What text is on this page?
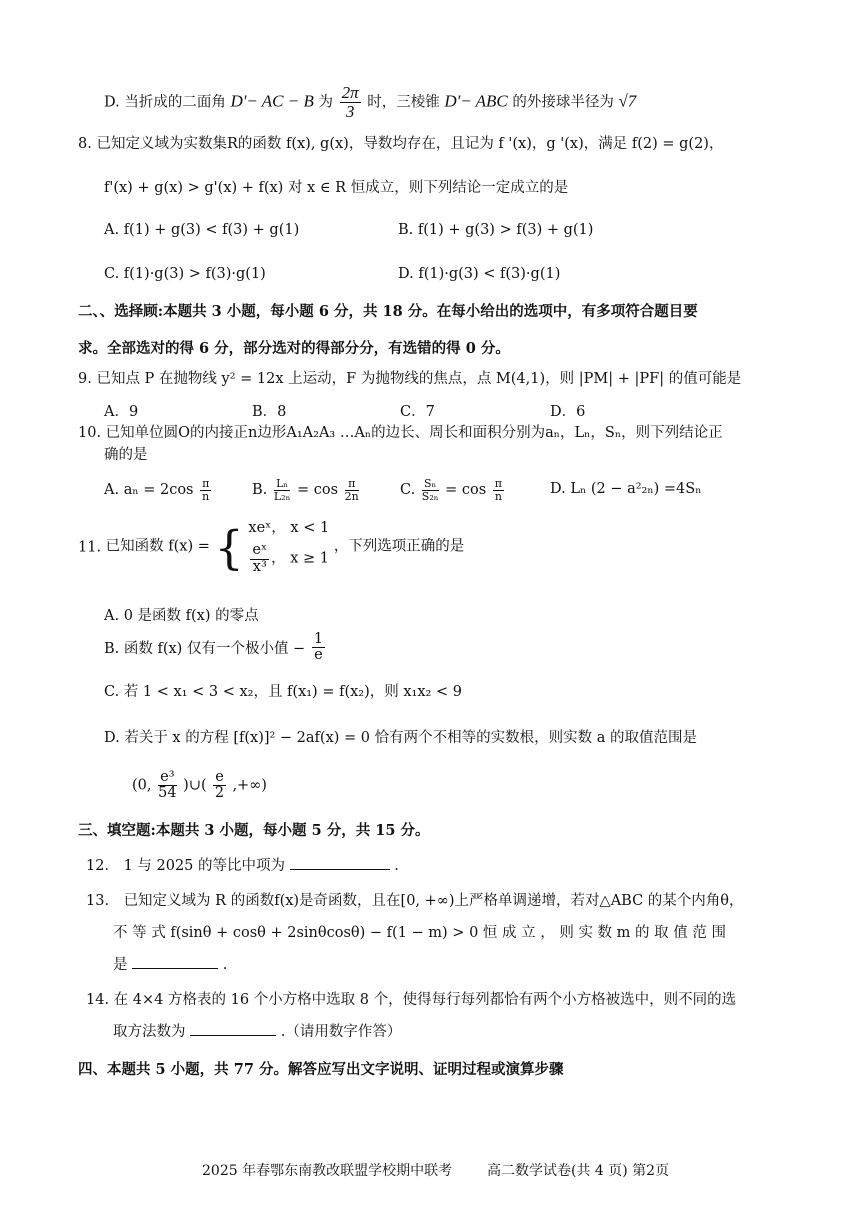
D. 当折成的二面角 D'− AC − B 为 $\frac{2\pi}{3}$ 时，三棱锥 D'− ABC 的外接球半径为 √7
8. 已知定义域为实数集R的函数 f(x), g(x)，导数均存在，且记为 f '(x)，g '(x)，满足 f(2) = g(2)，
f'(x) + g(x) > g'(x) + f(x) 对 x ∈ R 恒成立，则下列结论一定成立的是
A. f(1) + g(3) < f(3) + g(1)	B. f(1) + g(3) > f(3) + g(1)
C. f(1)·g(3) > f(3)·g(1)	D. f(1)·g(3) < f(3)·g(1)
二、、选择顾:本题共 3 小题，每小题 6 分，共 18 分。在每小给出的选项中，有多项符合题目要
求。全部选对的得 6 分，部分选对的得部分分，有选错的得 0 分。
9. 已知点 P 在抛物线 y² = 12x 上运动，F 为抛物线的焦点，点 M(4,1)，则 |PM| + |PF| 的值可能是
A．9	B．8	C．7	D．6
10. 已知单位圆O的内接正n边形A₁A₂A₃ …Aₙ的边长、周长和面积分别为aₙ，Lₙ，Sₙ，则下列结论正
确的是
A. $a_n = 2\cos \frac{\pi}{n}$	B. $\frac{\text{Lₙ}}{\text{L₂ₙ}} = \cos \frac{\pi}{2n}$	C. $\frac{\text{Sₙ}}{\text{S₂ₙ}} = \cos \frac{\pi}{n}$	D. Lₙ (2 − a²₂ₙ) =4Sₙ
11. 已知函数 f(x) = { xeˣ， x < 1
$\frac{\text{eˣ}}{\text{x³}}$ ， x ≥ 1
，下列选项正确的是
A. 0 是函数 f(x) 的零点
B. 函数 f(x) 仅有一个极小值 − $\frac{1}{e}$
C. 若 1 < x₁ < 3 < x₂，且 f(x₁) = f(x₂)，则 x₁x₂ < 9
D. 若关于 x 的方程 [f(x)]² − 2af(x) = 0 恰有两个不相等的实数根，则实数 a 的取值范围是
(0, $\frac{\text{e³}}{54}$ )∪( $\frac{e}{2}$ ,+∞)
三、填空题:本题共 3 小题，每小题 5 分，共 15 分。
12． 1 与 2025 的等比中项为	.
13． 已知定义域为 R 的函数f(x)是奇函数，且在[0, +∞)上严格单调递增，若对△ABC 的某个内角θ，
不 等 式 f(sinθ + cosθ + 2sinθcosθ) − f(1 − m) > 0 恒 成 立 ， 则 实 数 m 的 取 值 范 围
是	.
14. 在 4×4 方格表的 16 个小方格中选取 8 个，使得每行每列都恰有两个小方格被选中，则不同的选
取方法数为	.（请用数字作答）
四、本题共 5 小题，共 77 分。解答应写出文字说明、证明过程或演算步骤
2025 年春鄂东南教改联盟学校期中联考 高二数学试卷(共 4 页) 第2页
